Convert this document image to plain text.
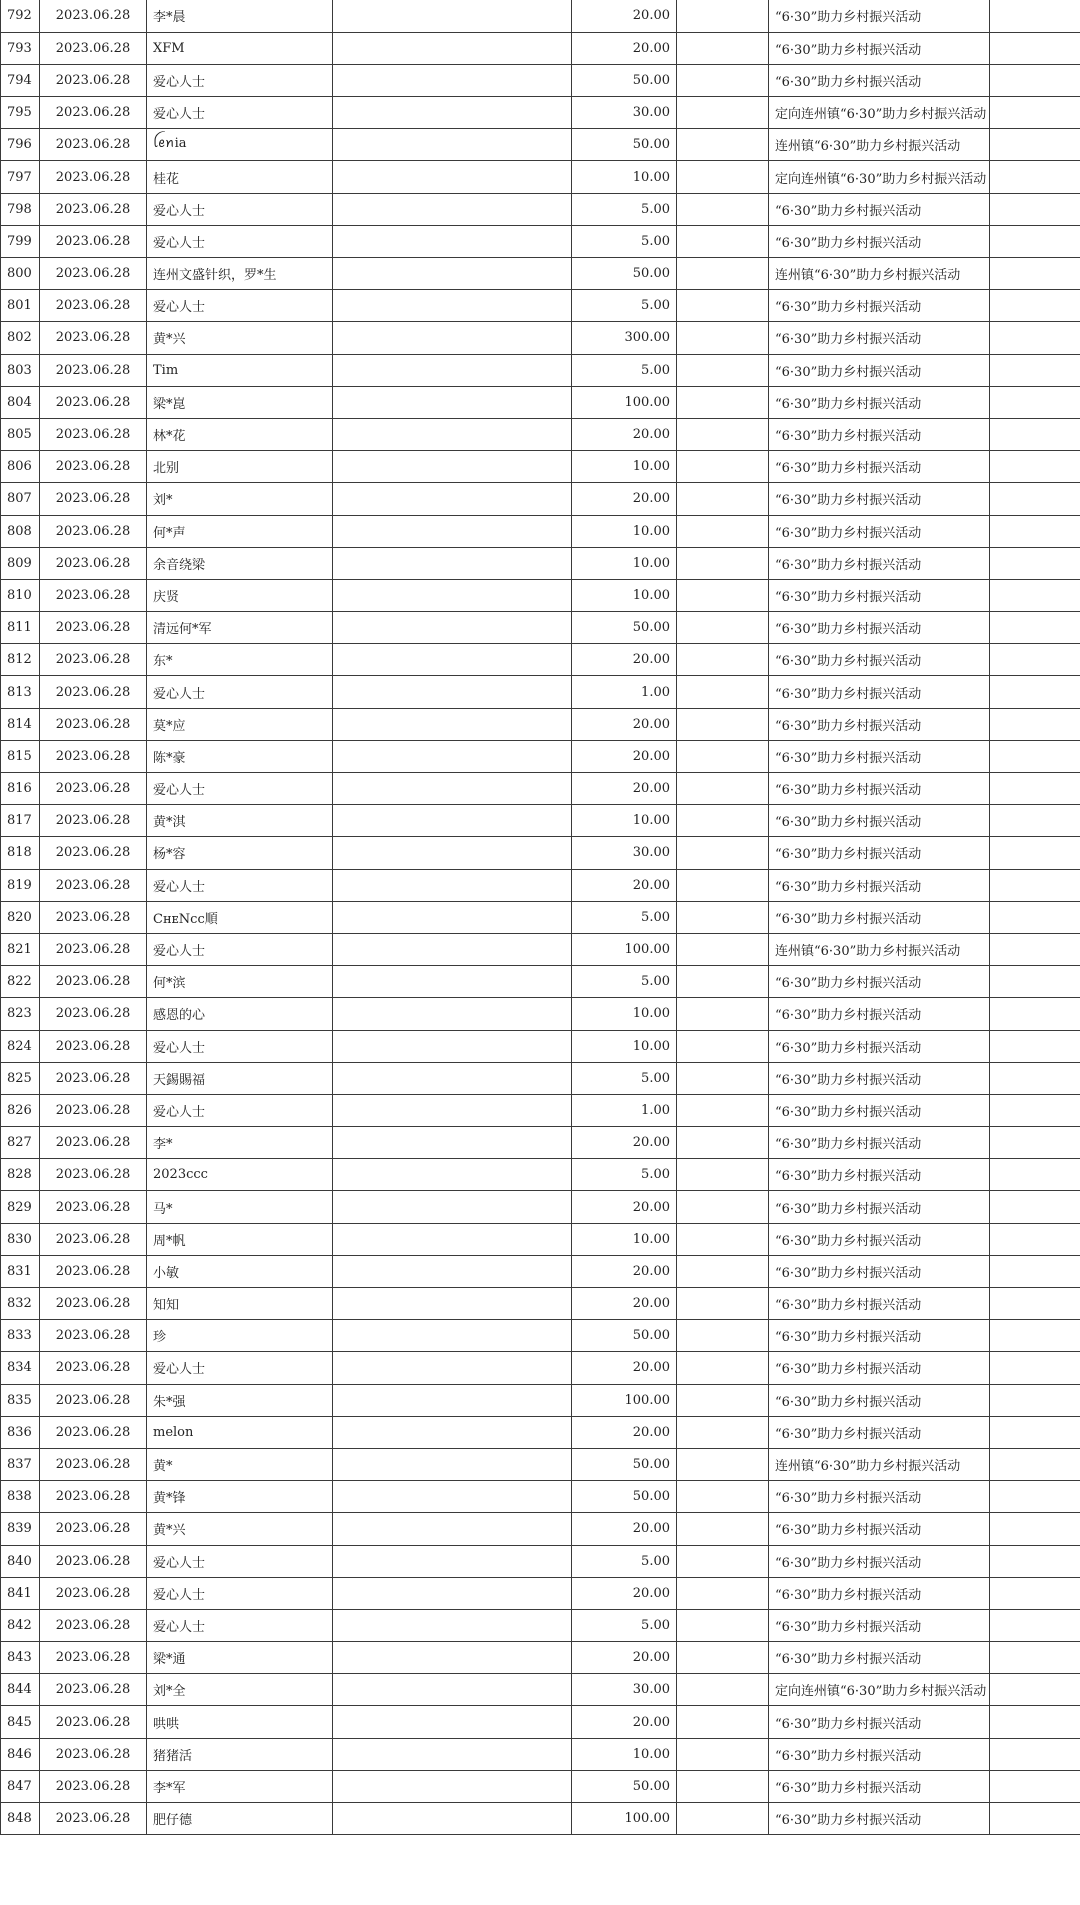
792	2023.06.28	李*晨		20.00		“6·30”助力乡村振兴活动	
793	2023.06.28	XFM		20.00		“6·30”助力乡村振兴活动	
794	2023.06.28	爱心人士		50.00		“6·30”助力乡村振兴活动	
795	2023.06.28	爱心人士		30.00		定向连州镇“6·30”助力乡村振兴活动	
796	2023.06.28	ꪶꫀꪀia		50.00		连州镇“6·30”助力乡村振兴活动	
797	2023.06.28	桂花		10.00		定向连州镇“6·30”助力乡村振兴活动	
798	2023.06.28	爱心人士		5.00		“6·30”助力乡村振兴活动	
799	2023.06.28	爱心人士		5.00		“6·30”助力乡村振兴活动	
800	2023.06.28	连州文盛针织，罗*生		50.00		连州镇“6·30”助力乡村振兴活动	
801	2023.06.28	爱心人士		5.00		“6·30”助力乡村振兴活动	
802	2023.06.28	黄*兴		300.00		“6·30”助力乡村振兴活动	
803	2023.06.28	Tim		5.00		“6·30”助力乡村振兴活动	
804	2023.06.28	梁*崑		100.00		“6·30”助力乡村振兴活动	
805	2023.06.28	林*花		20.00		“6·30”助力乡村振兴活动	
806	2023.06.28	北别		10.00		“6·30”助力乡村振兴活动	
807	2023.06.28	刘*		20.00		“6·30”助力乡村振兴活动	
808	2023.06.28	何*声		10.00		“6·30”助力乡村振兴活动	
809	2023.06.28	余音绕梁		10.00		“6·30”助力乡村振兴活动	
810	2023.06.28	庆贤		10.00		“6·30”助力乡村振兴活动	
811	2023.06.28	清远何*军		50.00		“6·30”助力乡村振兴活动	
812	2023.06.28	东*		20.00		“6·30”助力乡村振兴活动	
813	2023.06.28	爱心人士		1.00		“6·30”助力乡村振兴活动	
814	2023.06.28	莫*应		20.00		“6·30”助力乡村振兴活动	
815	2023.06.28	陈*豪		20.00		“6·30”助力乡村振兴活动	
816	2023.06.28	爱心人士		20.00		“6·30”助力乡村振兴活动	
817	2023.06.28	黄*淇		10.00		“6·30”助力乡村振兴活动	
818	2023.06.28	杨*容		30.00		“6·30”助力乡村振兴活动	
819	2023.06.28	爱心人士		20.00		“6·30”助力乡村振兴活动	
820	2023.06.28	CʜᴇNcc順		5.00		“6·30”助力乡村振兴活动	
821	2023.06.28	爱心人士		100.00		连州镇“6·30”助力乡村振兴活动	
822	2023.06.28	何*滨		5.00		“6·30”助力乡村振兴活动	
823	2023.06.28	感恩的心		10.00		“6·30”助力乡村振兴活动	
824	2023.06.28	爱心人士		10.00		“6·30”助力乡村振兴活动	
825	2023.06.28	天錫賜福		5.00		“6·30”助力乡村振兴活动	
826	2023.06.28	爱心人士		1.00		“6·30”助力乡村振兴活动	
827	2023.06.28	李*		20.00		“6·30”助力乡村振兴活动	
828	2023.06.28	2023ccc		5.00		“6·30”助力乡村振兴活动	
829	2023.06.28	马*		20.00		“6·30”助力乡村振兴活动	
830	2023.06.28	周*帆		10.00		“6·30”助力乡村振兴活动	
831	2023.06.28	小敏		20.00		“6·30”助力乡村振兴活动	
832	2023.06.28	知知		20.00		“6·30”助力乡村振兴活动	
833	2023.06.28	珍		50.00		“6·30”助力乡村振兴活动	
834	2023.06.28	爱心人士		20.00		“6·30”助力乡村振兴活动	
835	2023.06.28	朱*强		100.00		“6·30”助力乡村振兴活动	
836	2023.06.28	melon		20.00		“6·30”助力乡村振兴活动	
837	2023.06.28	黄*		50.00		连州镇“6·30”助力乡村振兴活动	
838	2023.06.28	黄*锋		50.00		“6·30”助力乡村振兴活动	
839	2023.06.28	黄*兴		20.00		“6·30”助力乡村振兴活动	
840	2023.06.28	爱心人士		5.00		“6·30”助力乡村振兴活动	
841	2023.06.28	爱心人士		20.00		“6·30”助力乡村振兴活动	
842	2023.06.28	爱心人士		5.00		“6·30”助力乡村振兴活动	
843	2023.06.28	梁*通		20.00		“6·30”助力乡村振兴活动	
844	2023.06.28	刘*全		30.00		定向连州镇“6·30”助力乡村振兴活动	
845	2023.06.28	哄哄		20.00		“6·30”助力乡村振兴活动	
846	2023.06.28	猪猪活		10.00		“6·30”助力乡村振兴活动	
847	2023.06.28	李*军		50.00		“6·30”助力乡村振兴活动	
848	2023.06.28	肥仔德		100.00		“6·30”助力乡村振兴活动	
